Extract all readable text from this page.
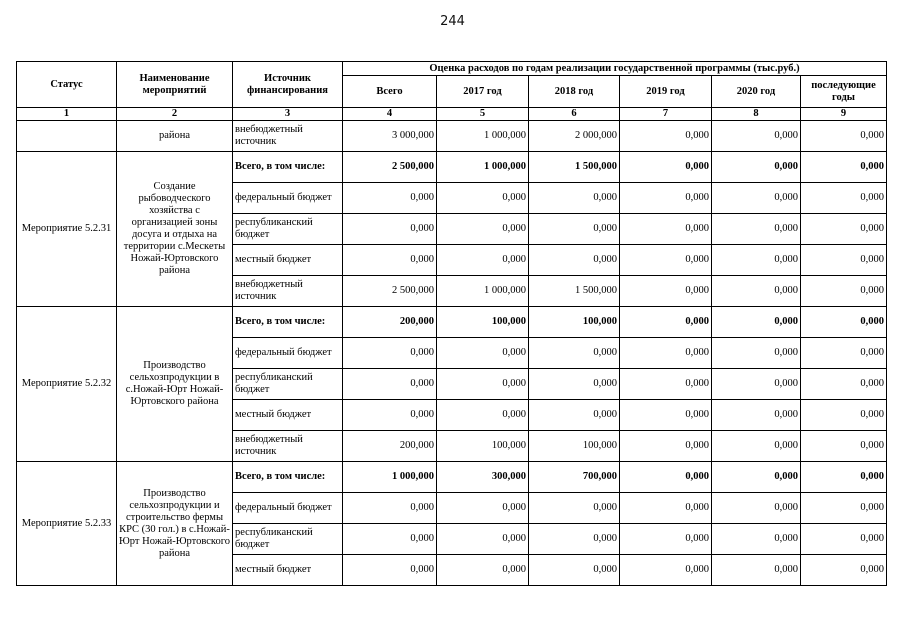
244
Статус	Наименование мероприятий	Источник финансирования	Оценка расходов по годам реализации государственной программы (тыс.руб.)					
			Всего	2017 год	2018 год	2019 год	2020 год	последующие годы
1	2	3	4	5	6	7	8	9
	района	внебюджетный источник	3 000,000	1 000,000	2 000,000	0,000	0,000	0,000
Мероприятие 5.2.31	Создание рыбоводческого хозяйства с организацией зоны досуга и отдыха на территории с.Мескеты Ножай-Юртовского района	Всего, в том числе:	2 500,000	1 000,000	1 500,000	0,000	0,000	0,000
		федеральный бюджет	0,000	0,000	0,000	0,000	0,000	0,000
		республиканский бюджет	0,000	0,000	0,000	0,000	0,000	0,000
		местный бюджет	0,000	0,000	0,000	0,000	0,000	0,000
		внебюджетный источник	2 500,000	1 000,000	1 500,000	0,000	0,000	0,000
Мероприятие 5.2.32	Производство сельхозпродукции в с.Ножай-Юрт Ножай-Юртовского района	Всего, в том числе:	200,000	100,000	100,000	0,000	0,000	0,000
		федеральный бюджет	0,000	0,000	0,000	0,000	0,000	0,000
		республиканский бюджет	0,000	0,000	0,000	0,000	0,000	0,000
		местный бюджет	0,000	0,000	0,000	0,000	0,000	0,000
		внебюджетный источник	200,000	100,000	100,000	0,000	0,000	0,000
Мероприятие 5.2.33	Производство сельхозпродукции и строительство фермы КРС (30 гол.) в с.Ножай-Юрт Ножай-Юртовского района	Всего, в том числе:	1 000,000	300,000	700,000	0,000	0,000	0,000
		федеральный бюджет	0,000	0,000	0,000	0,000	0,000	0,000
		республиканский бюджет	0,000	0,000	0,000	0,000	0,000	0,000
		местный бюджет	0,000	0,000	0,000	0,000	0,000	0,000
